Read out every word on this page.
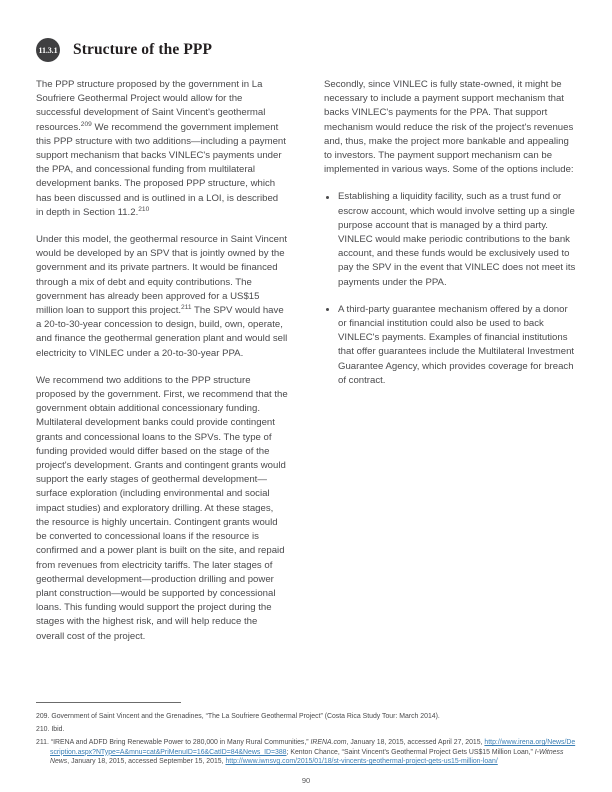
11.3.1 Structure of the PPP

The PPP structure proposed by the government in La Soufriere Geothermal Project would allow for the successful development of Saint Vincent's geothermal resources.$^{209}$ We recommend the government implement this PPP structure with two additions—including a payment support mechanism that backs VINLEC's payments under the PPA, and concessional funding from multilateral development banks. The proposed PPP structure, which has been discussed and is outlined in a LOI, is described in depth in Section 11.2.$^{210}$

Under this model, the geothermal resource in Saint Vincent would be developed by an SPV that is jointly owned by the government and its private partners. It would be financed through a mix of debt and equity contributions. The government has already been approved for a US$15 million loan to support this project.$^{211}$ The SPV would have a 20-to-30-year concession to design, build, own, operate, and finance the geothermal generation plant and would sell electricity to VINLEC under a 20-to-30-year PPA.

We recommend two additions to the PPP structure proposed by the government. First, we recommend that the government obtain additional concessionary funding. Multilateral development banks could provide contingent grants and concessional loans to the SPVs. The type of funding provided would differ based on the stage of the project's development. Grants and contingent grants would support the early stages of geothermal development—surface exploration (including environmental and social impact studies) and exploratory drilling. At these stages, the resource is highly uncertain. Contingent grants would be converted to concessional loans if the resource is confirmed and a power plant is built on the site, and repaid from revenues from electricity tariffs. The later stages of geothermal development—production drilling and power plant construction—would be supported by concessional loans. This funding would support the project during the stages with the highest risk, and will help reduce the overall cost of the project.

Secondly, since VINLEC is fully state-owned, it might be necessary to include a payment support mechanism that backs VINLEC's payments for the PPA. That support mechanism would reduce the risk of the project's revenues and, thus, make the project more bankable and appealing to investors. The payment support mechanism can be implemented in various ways. Some of the options include:

Establishing a liquidity facility, such as a trust fund or escrow account, which would involve setting up a single purpose account that is managed by a third party. VINLEC would make periodic contributions to the bank account, and these funds would be exclusively used to pay the SPV in the event that VINLEC does not meet its payments under the PPA.
A third-party guarantee mechanism offered by a donor or financial institution could also be used to back VINLEC's payments. Examples of financial institutions that offer guarantees include the Multilateral Investment Guarantee Agency, which provides coverage for breach of contract.
209. Government of Saint Vincent and the Grenadines, “The La Soufriere Geothermal Project” (Costa Rica Study Tour: March 2014).
210. Ibid.
211. “IRENA and ADFD Bring Renewable Power to 280,000 in Many Rural Communities,” IRENA.com, January 18, 2015, accessed April 27, 2015, http://www.irena.org/News/Description.aspx?NType=A&mnu=cat&PriMenuID=16&CatID=84&News_ID=388; Kenton Chance, “Saint Vincent's Geothermal Project Gets US$15 Million Loan,” I-Witness News, January 18, 2015, accessed September 15, 2015, http://www.iwnsvg.com/2015/01/18/st-vincents-geothermal-project-gets-us15-million-loan/
90
